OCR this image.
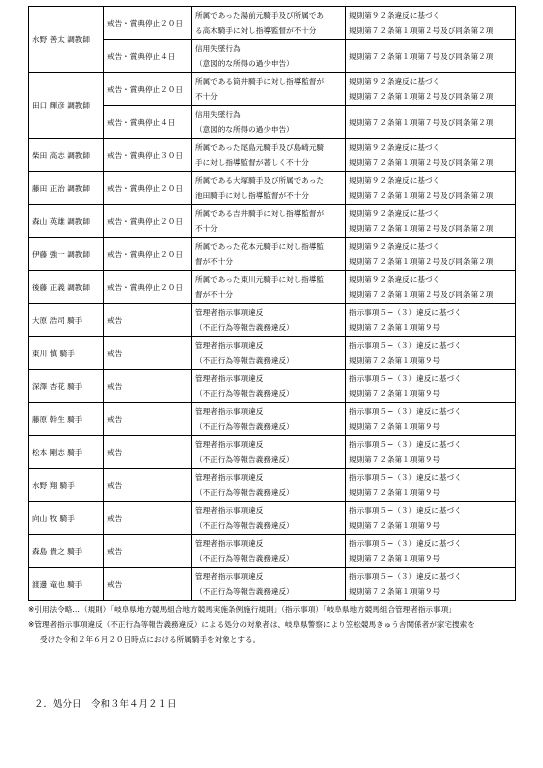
水野 善太 調教師	戒告・賞典停止２０日	所属であった湯前元騎手及び所属であ
る高木騎手に対し指導監督が不十分	規則第９２条違反に基づく
規則第７２条第１項第２号及び同条第２項

	戒告・賞典停止４日	信用失墜行為
（意図的な所得の過少申告）	規則第７２条第１項第７号及び同条第２項

田口 輝彦 調教師	戒告・賞典停止２０日	所属である筒井騎手に対し指導監督が
不十分	規則第９２条違反に基づく
規則第７２条第１項第２号及び同条第２項

	戒告・賞典停止４日	信用失墜行為
（意図的な所得の過少申告）	規則第７２条第１項第７号及び同条第２項

柴田 高志 調教師	戒告・賞典停止３０日	所属であった尾島元騎手及び島崎元騎
手に対し指導監督が著しく不十分	規則第９２条違反に基づく
規則第７２条第１項第２号及び同条第２項

藤田 正治 調教師	戒告・賞典停止２０日	所属である大塚騎手及び所属であった
池田騎手に対し指導監督が不十分	規則第９２条違反に基づく
規則第７２条第１項第２号及び同条第２項

森山 英雄 調教師	戒告・賞典停止２０日	所属である吉井騎手に対し指導監督が
不十分	規則第９２条違反に基づく
規則第７２条第１項第２号及び同条第２項

伊藤 強一 調教師	戒告・賞典停止２０日	所属であった花本元騎手に対し指導監
督が不十分	規則第９２条違反に基づく
規則第７２条第１項第２号及び同条第２項

後藤 正義 調教師	戒告・賞典停止２０日	所属であった東川元騎手に対し指導監
督が不十分	規則第９２条違反に基づく
規則第７２条第１項第２号及び同条第２項

大原 浩司 騎手	戒告	管理者指示事項違反
（不正行為等報告義務違反）	指示事項５−（３）違反に基づく
規則第７２条第１項第９号

東川 慎 騎手	戒告	管理者指示事項違反
（不正行為等報告義務違反）	指示事項５−（３）違反に基づく
規則第７２条第１項第９号

深澤 杏花 騎手	戒告	管理者指示事項違反
（不正行為等報告義務違反）	指示事項５−（３）違反に基づく
規則第７２条第１項第９号

藤原 幹生 騎手	戒告	管理者指示事項違反
（不正行為等報告義務違反）	指示事項５−（３）違反に基づく
規則第７２条第１項第９号

松本 剛志 騎手	戒告	管理者指示事項違反
（不正行為等報告義務違反）	指示事項５−（３）違反に基づく
規則第７２条第１項第９号

水野 翔 騎手	戒告	管理者指示事項違反
（不正行為等報告義務違反）	指示事項５−（３）違反に基づく
規則第７２条第１項第９号

向山 牧 騎手	戒告	管理者指示事項違反
（不正行為等報告義務違反）	指示事項５−（３）違反に基づく
規則第７２条第１項第９号

森島 貴之 騎手	戒告	管理者指示事項違反
（不正行為等報告義務違反）	指示事項５−（３）違反に基づく
規則第７２条第１項第９号

渡邊 竜也 騎手	戒告	管理者指示事項違反
（不正行為等報告義務違反）	指示事項５−（３）違反に基づく
規則第７２条第１項第９号
※引用法令略…（規則）「岐阜県地方競馬組合地方競馬実施条例施行規則」（指示事項）「岐阜県地方競馬組合管理者指示事項」
※管理者指示事項違反（不正行為等報告義務違反）による処分の対象者は、岐阜県警察により笠松競馬きゅう舎関係者が家宅捜索を
受けた令和２年６月２０日時点における所属騎手を対象とする。
２．処分日　令和３年４月２１日
